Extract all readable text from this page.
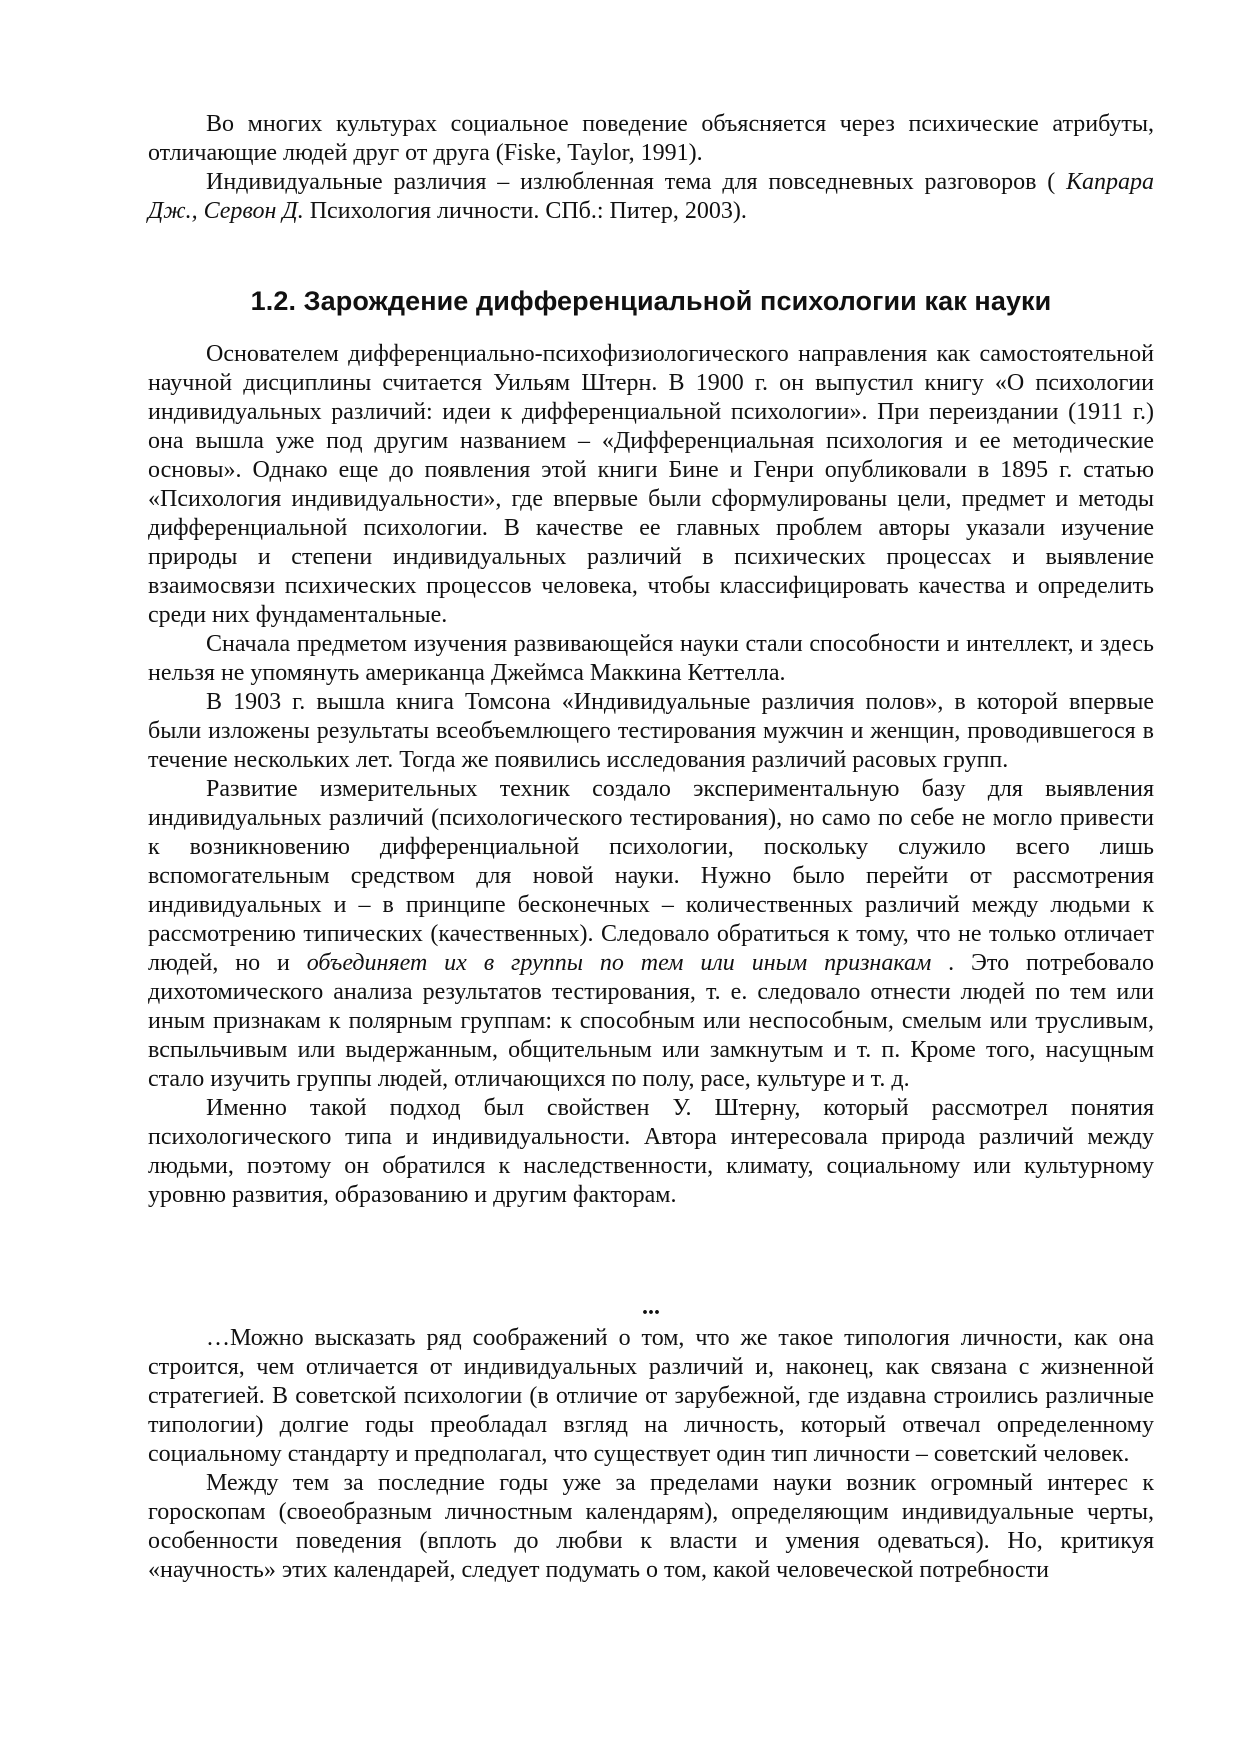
Во многих культурах социальное поведение объясняется через психические атрибуты, отличающие людей друг от друга (Fiske, Taylor, 1991).

Индивидуальные различия – излюбленная тема для повседневных разговоров ( Капрара Дж., Сервон Д. Психология личности. СПб.: Питер, 2003).

1.2. Зарождение дифференциальной психологии как науки

Основателем дифференциально-психофизиологического направления как самостоятельной научной дисциплины считается Уильям Штерн. В 1900 г. он выпустил книгу «О психологии индивидуальных различий: идеи к дифференциальной психологии». При переиздании (1911 г.) она вышла уже под другим названием – «Дифференциальная психология и ее методические основы». Однако еще до появления этой книги Бине и Генри опубликовали в 1895 г. статью «Психология индивидуальности», где впервые были сформулированы цели, предмет и методы дифференциальной психологии. В качестве ее главных проблем авторы указали изучение природы и степени индивидуальных различий в психических процессах и выявление взаимосвязи психических процессов человека, чтобы классифицировать качества и определить среди них фундаментальные.

Сначала предметом изучения развивающейся науки стали способности и интеллект, и здесь нельзя не упомянуть американца Джеймса Маккина Кеттелла.

В 1903 г. вышла книга Томсона «Индивидуальные различия полов», в которой впервые были изложены результаты всеобъемлющего тестирования мужчин и женщин, проводившегося в течение нескольких лет. Тогда же появились исследования различий расовых групп.

Развитие измерительных техник создало экспериментальную базу для выявления индивидуальных различий (психологического тестирования), но само по себе не могло привести к возникновению дифференциальной психологии, поскольку служило всего лишь вспомогательным средством для новой науки. Нужно было перейти от рассмотрения индивидуальных и – в принципе бесконечных – количественных различий между людьми к рассмотрению типических (качественных). Следовало обратиться к тому, что не только отличает людей, но и объединяет их в группы по тем или иным признакам . Это потребовало дихотомического анализа результатов тестирования, т. е. следовало отнести людей по тем или иным признакам к полярным группам: к способным или неспособным, смелым или трусливым, вспыльчивым или выдержанным, общительным или замкнутым и т. п. Кроме того, насущным стало изучить группы людей, отличающихся по полу, расе, культуре и т. д.

Именно такой подход был свойствен У. Штерну, который рассмотрел понятия психологического типа и индивидуальности. Автора интересовала природа различий между людьми, поэтому он обратился к наследственности, климату, социальному или культурному уровню развития, образованию и другим факторам.

...

…Можно высказать ряд соображений о том, что же такое типология личности, как она строится, чем отличается от индивидуальных различий и, наконец, как связана с жизненной стратегией. В советской психологии (в отличие от зарубежной, где издавна строились различные типологии) долгие годы преобладал взгляд на личность, который отвечал определенному социальному стандарту и предполагал, что существует один тип личности – советский человек.

Между тем за последние годы уже за пределами науки возник огромный интерес к гороскопам (своеобразным личностным календарям), определяющим индивидуальные черты, особенности поведения (вплоть до любви к власти и умения одеваться). Но, критикуя «научность» этих календарей, следует подумать о том, какой человеческой потребности
